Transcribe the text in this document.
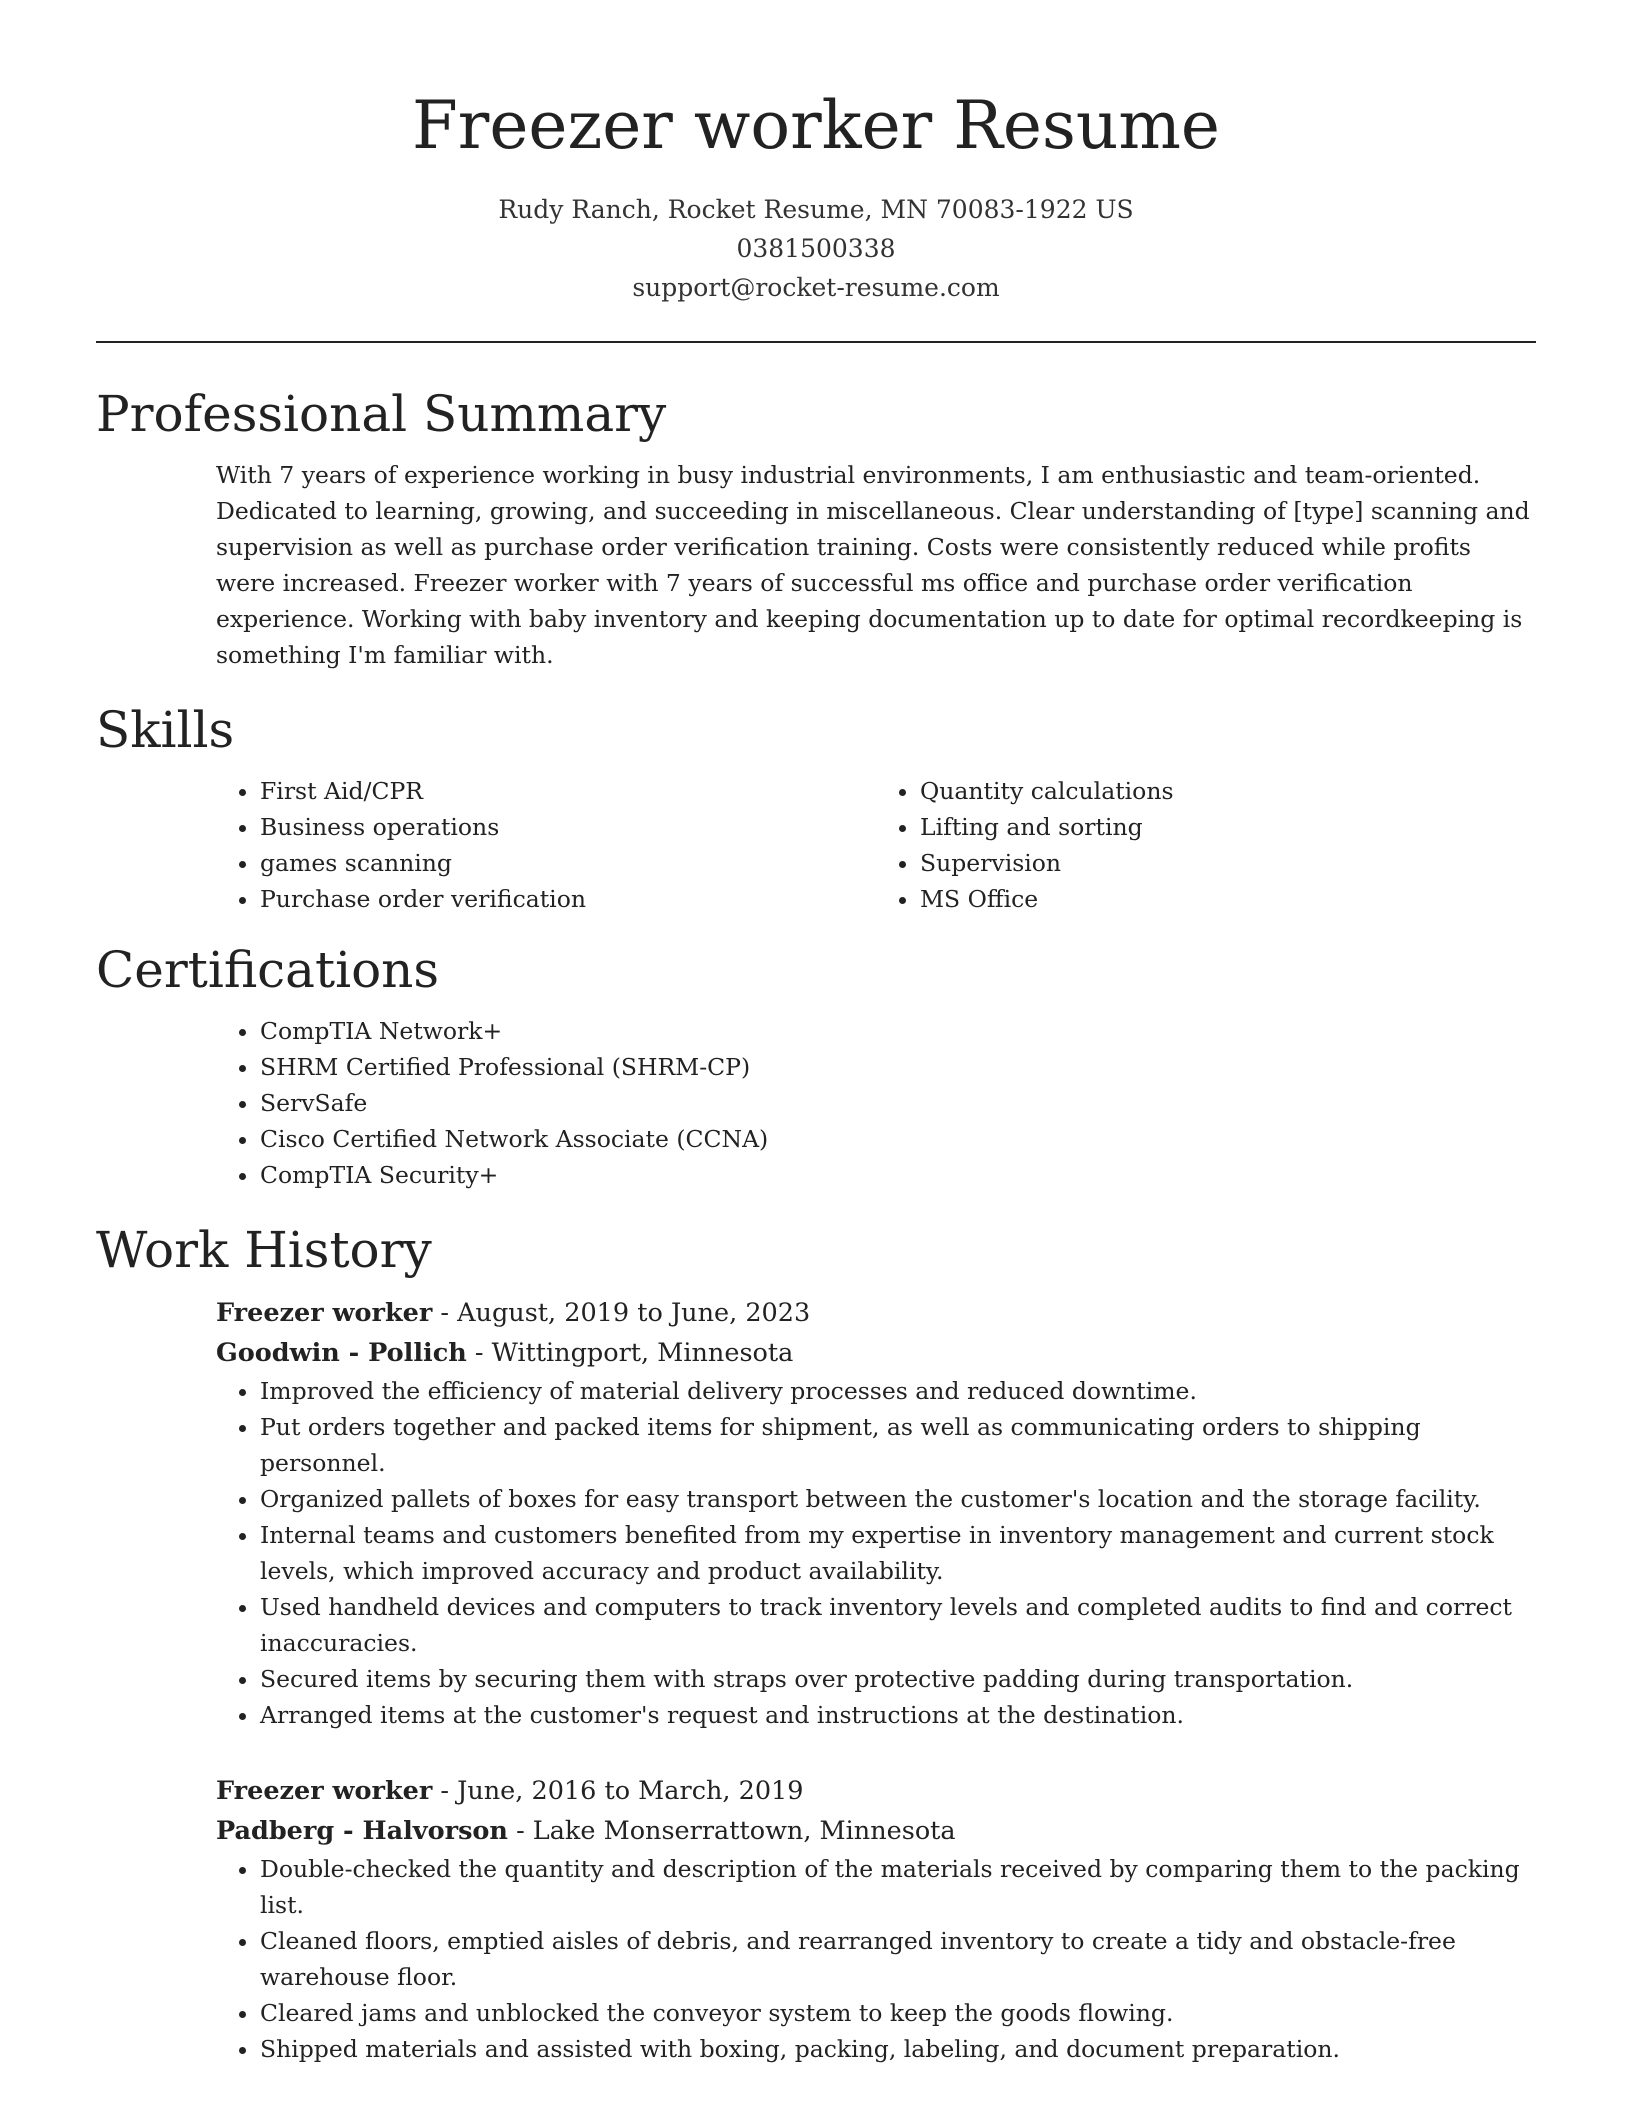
Freezer worker Resume
Rudy Ranch, Rocket Resume, MN 70083-1922 US
0381500338
support@rocket-resume.com
Professional Summary

With 7 years of experience working in busy industrial environments, I am enthusiastic and team-oriented. Dedicated to learning, growing, and succeeding in miscellaneous. Clear understanding of [type] scanning and supervision as well as purchase order verification training. Costs were consistently reduced while profits were increased. Freezer worker with 7 years of successful ms office and purchase order verification experience. Working with baby inventory and keeping documentation up to date for optimal recordkeeping is something I'm familiar with.

Skills
• First Aid/CPR
• Business operations
• games scanning
• Purchase order verification
• Quantity calculations
• Lifting and sorting
• Supervision
• MS Office
Certifications
• CompTIA Network+
• SHRM Certified Professional (SHRM-CP)
• ServSafe
• Cisco Certified Network Associate (CCNA)
• CompTIA Security+
Work History
Freezer worker - August, 2019 to June, 2023
Goodwin - Pollich - Wittingport, Minnesota
• Improved the efficiency of material delivery processes and reduced downtime.
• Put orders together and packed items for shipment, as well as communicating orders to shipping personnel.
• Organized pallets of boxes for easy transport between the customer's location and the storage facility.
• Internal teams and customers benefited from my expertise in inventory management and current stock levels, which improved accuracy and product availability.
• Used handheld devices and computers to track inventory levels and completed audits to find and correct inaccuracies.
• Secured items by securing them with straps over protective padding during transportation.
• Arranged items at the customer's request and instructions at the destination.
Freezer worker - June, 2016 to March, 2019
Padberg - Halvorson - Lake Monserrattown, Minnesota
• Double-checked the quantity and description of the materials received by comparing them to the packing list.
• Cleaned floors, emptied aisles of debris, and rearranged inventory to create a tidy and obstacle-free warehouse floor.
• Cleared jams and unblocked the conveyor system to keep the goods flowing.
• Shipped materials and assisted with boxing, packing, labeling, and document preparation.
